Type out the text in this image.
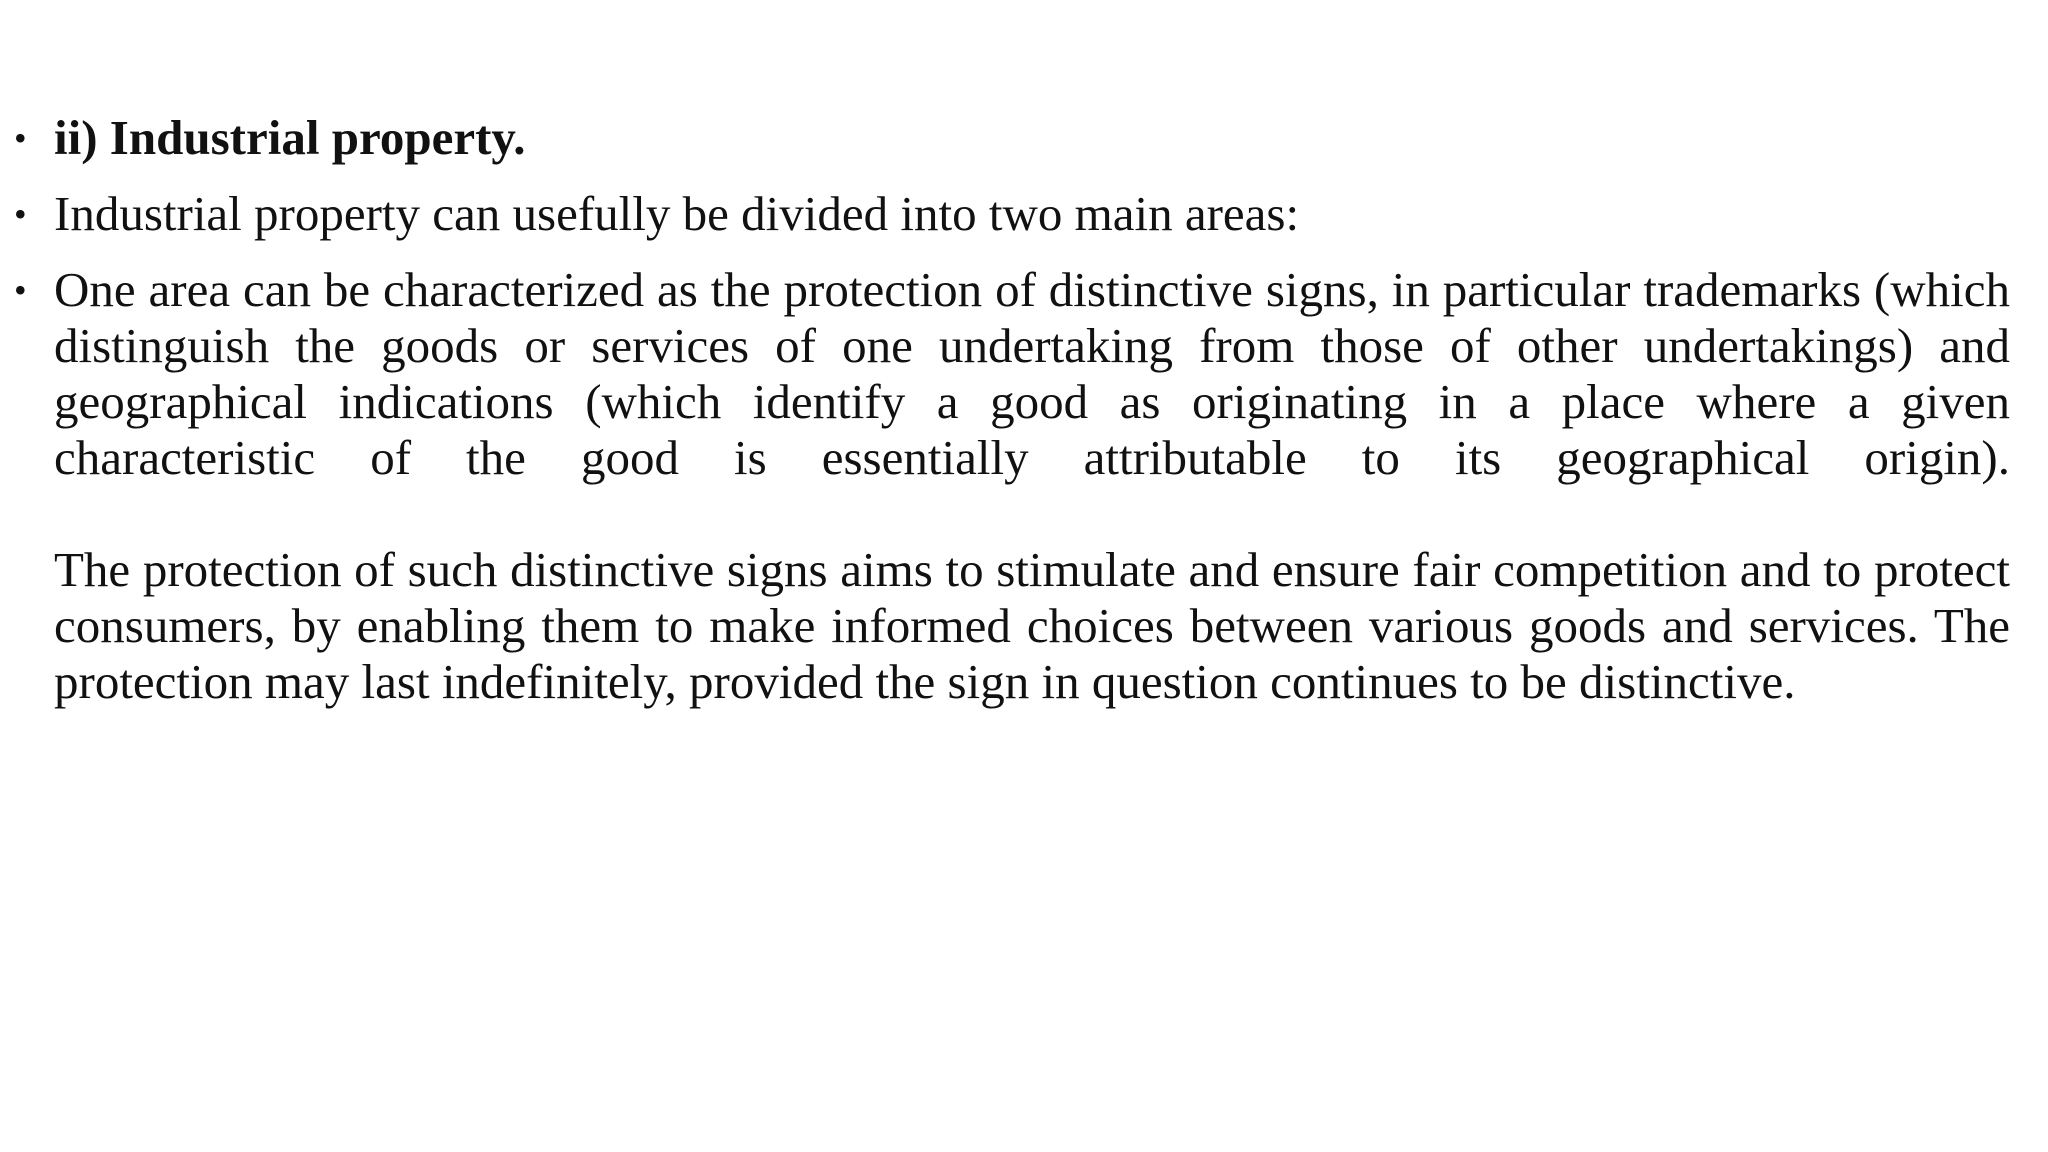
• ii) Industrial property.
• Industrial property can usefully be divided into two main areas:
• One area can be characterized as the protection of distinctive signs, in particular trademarks (which distinguish the goods or services of one undertaking from those of other undertakings) and geographical indications (which identify a good as originating in a place where a given characteristic of the good is essentially attributable to its geographical origin).
The protection of such distinctive signs aims to stimulate and ensure fair competition and to protect consumers, by enabling them to make informed choices between various goods and services. The protection may last indefinitely, provided the sign in question continues to be distinctive.
